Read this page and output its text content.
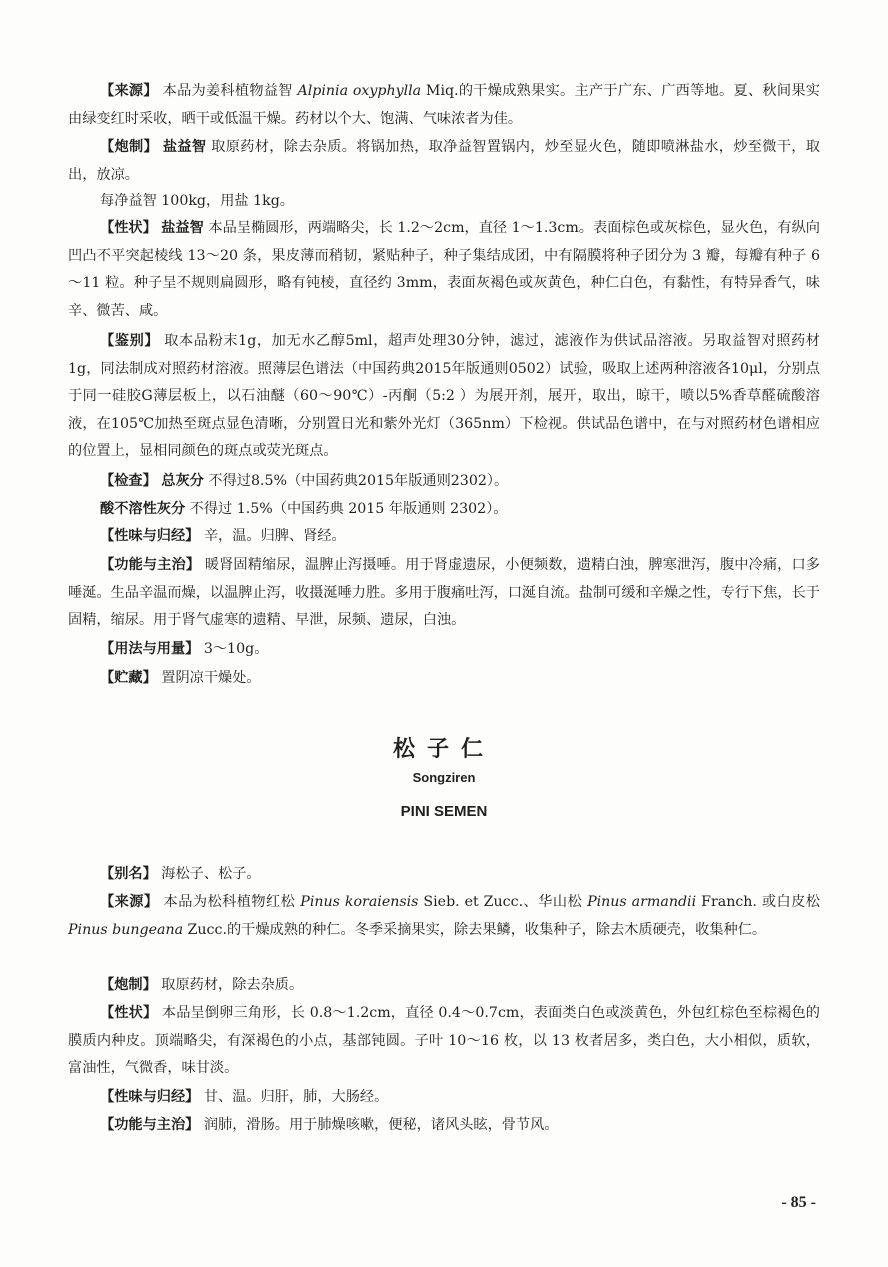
【来源】 本品为姜科植物益智 Alpinia oxyphylla Miq.的干燥成熟果实。主产于广东、广西等地。夏、秋间果实由绿变红时采收，晒干或低温干燥。药材以个大、饱满、气味浓者为佳。

【炮制】 盐益智 取原药材，除去杂质。将锅加热，取净益智置锅内，炒至显火色，随即喷淋盐水，炒至微干，取出，放凉。

每净益智 100kg，用盐 1kg。

【性状】 盐益智 本品呈椭圆形，两端略尖，长 1.2～2cm，直径 1～1.3cm。表面棕色或灰棕色，显火色，有纵向凹凸不平突起棱线 13～20 条，果皮薄而稍韧，紧贴种子，种子集结成团，中有隔膜将种子团分为 3 瓣，每瓣有种子 6～11 粒。种子呈不规则扁圆形，略有钝棱，直径约 3mm，表面灰褐色或灰黄色，种仁白色，有黏性，有特异香气，味辛、微苦、咸。

【鉴别】 取本品粉末1g，加无水乙醇5ml，超声处理30分钟，滤过，滤液作为供试品溶液。另取益智对照药材1g，同法制成对照药材溶液。照薄层色谱法（中国药典2015年版通则0502）试验，吸取上述两种溶液各10μl，分别点于同一硅胶G薄层板上，以石油醚（60～90℃）-丙酮（5:2 ）为展开剂，展开，取出，晾干，喷以5%香草醛硫酸溶液，在105℃加热至斑点显色清晰，分别置日光和紫外光灯（365nm）下检视。供试品色谱中，在与对照药材色谱相应的位置上，显相同颜色的斑点或荧光斑点。

【检查】 总灰分 不得过8.5%（中国药典2015年版通则2302）。

酸不溶性灰分 不得过 1.5%（中国药典 2015 年版通则 2302）。

【性味与归经】 辛，温。归脾、肾经。

【功能与主治】 暖肾固精缩尿，温脾止泻摄唾。用于肾虚遗尿，小便频数，遗精白浊，脾寒泄泻，腹中冷痛，口多唾涎。生品辛温而燥，以温脾止泻，收摄涎唾力胜。多用于腹痛吐泻，口涎自流。盐制可缓和辛燥之性，专行下焦，长于固精，缩尿。用于肾气虚寒的遗精、早泄，尿频、遗尿，白浊。

【用法与用量】 3～10g。

【贮藏】 置阴凉干燥处。

松子仁
Songziren
PINI SEMEN

【别名】 海松子、松子。

【来源】 本品为松科植物红松 Pinus koraiensis Sieb. et Zucc.、华山松 Pinus armandii Franch. 或白皮松 Pinus bungeana Zucc.的干燥成熟的种仁。冬季采摘果实，除去果鳞，收集种子，除去木质硬壳，收集种仁。

【炮制】 取原药材，除去杂质。

【性状】 本品呈倒卵三角形，长 0.8～1.2cm，直径 0.4～0.7cm，表面类白色或淡黄色，外包红棕色至棕褐色的膜质内种皮。顶端略尖，有深褐色的小点，基部钝圆。子叶 10～16 枚，以 13 枚者居多，类白色，大小相似，质软，富油性，气微香，味甘淡。

【性味与归经】 甘、温。归肝，肺，大肠经。

【功能与主治】 润肺，滑肠。用于肺燥咳嗽，便秘，诸风头眩，骨节风。

- 85 -
